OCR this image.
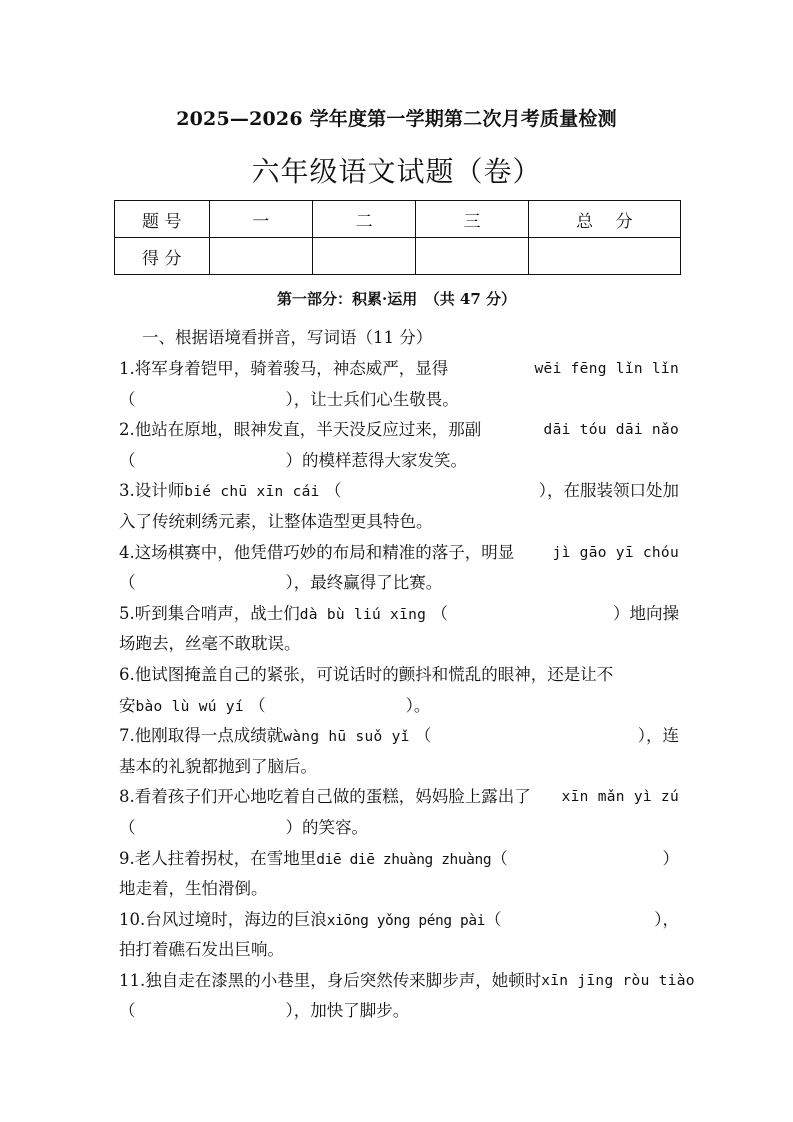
2025—2026 学年度第一学期第二次月考质量检测
六年级语文试题（卷）
题 号	一	二	三	总　 分
得 分				
第一部分：积累·运用　（共 47 分）
一、根据语境看拼音，写词语（11 分）
1.将军身着铠甲，骑着骏马，神态威严，显得	wēi fēng lǐn lǐn
（	），让士兵们心生敬畏。
2.他站在原地，眼神发直，半天没反应过来，那副	dāi tóu dāi nǎo
（	）的模样惹得大家发笑。
3.设计师bié chū xīn cái （	），在服装领口处加
入了传统刺绣元素，让整体造型更具特色。
4.这场棋赛中，他凭借巧妙的布局和精准的落子，明显	jì gāo yī chóu
（	），最终赢得了比赛。
5.听到集合哨声，战士们dà bù liú xīng （	）地向操
场跑去，丝毫不敢耽误。
6.他试图掩盖自己的紧张，可说话时的颤抖和慌乱的眼神，还是让不
安bào lù wú yí （	）。
7.他刚取得一点成绩就wàng hū suǒ yǐ （	），连
基本的礼貌都抛到了脑后。
8.看着孩子们开心地吃着自己做的蛋糕，妈妈脸上露出了 xīn mǎn yì zú
（	）的笑容。
9.老人拄着拐杖，在雪地里diē diē zhuàng zhuàng（	）
地走着，生怕滑倒。
10.台风过境时，海边的巨浪xiōng yǒng péng pài（	），
拍打着礁石发出巨响。
11.独自走在漆黑的小巷里，身后突然传来脚步声，她顿时 xīn jīng ròu tiào
（	），加快了脚步。
